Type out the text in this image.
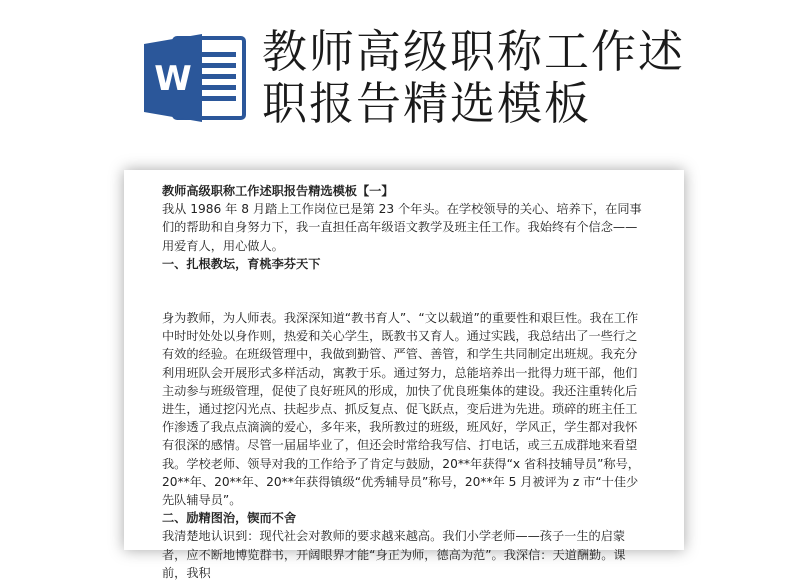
W
教师高级职称工作述
职报告精选模板

教师高级职称工作述职报告精选模板【一】

我从 1986 年 8 月踏上工作岗位已是第 23 个年头。在学校领导的关心、培养下，在同事们的帮助和自身努力下，我一直担任高年级语文教学及班主任工作。我始终有个信念——用爱育人，用心做人。

一、扎根教坛，育桃李芬天下

身为教师，为人师表。我深深知道“教书育人”、“文以载道”的重要性和艰巨性。我在工作中时时处处以身作则，热爱和关心学生，既教书又育人。通过实践，我总结出了一些行之有效的经验。在班级管理中，我做到勤管、严管、善管，和学生共同制定出班规。我充分利用班队会开展形式多样活动，寓教于乐。通过努力，总能培养出一批得力班干部，他们主动参与班级管理，促使了良好班风的形成，加快了优良班集体的建设。我还注重转化后进生，通过挖闪光点、扶起步点、抓反复点、促飞跃点，变后进为先进。琐碎的班主任工作渗透了我点点滴滴的爱心，多年来，我所教过的班级，班风好，学风正，学生都对我怀有很深的感情。尽管一届届毕业了，但还会时常给我写信、打电话，或三五成群地来看望我。学校老师、领导对我的工作给予了肯定与鼓励，20**年获得“x 省科技辅导员”称号，20**年、20**年、20**年获得镇级“优秀辅导员”称号，20**年 5 月被评为 z 市“十佳少先队辅导员”。

二、励精图治，锲而不舍

我清楚地认识到：现代社会对教师的要求越来越高。我们小学老师——孩子一生的启蒙者，应不断地博览群书，开阔眼界才能“身正为师，德高为范”。我深信：天道酬勤。课前，我积
